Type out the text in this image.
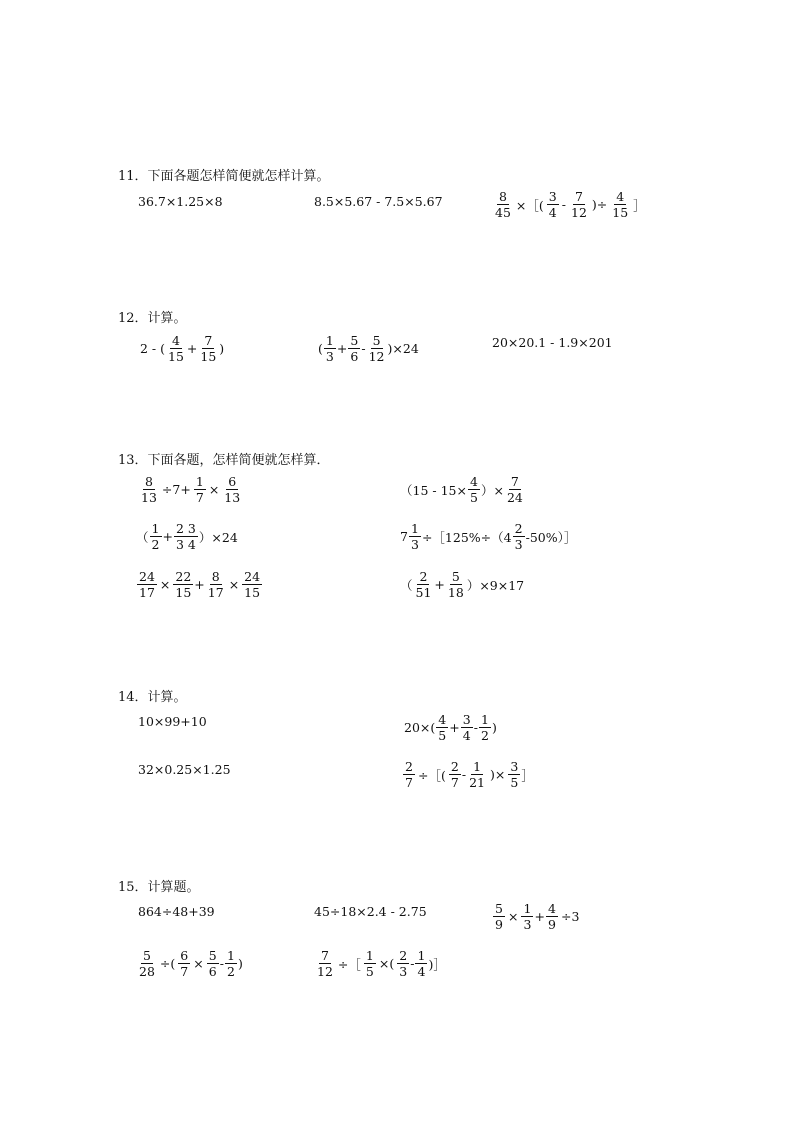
11．下面各题怎样简便就怎样计算。
36.7×1.25×8	8.5×5.67 - 7.5×5.67	$\frac{8}{45}$ ×［( $\frac{3}{4} - \frac{7}{12}$ )÷ $\frac{4}{15}$ ］
12．计算。
2 - ( $\frac{4}{15} + \frac{7}{15}$ )	( $\frac{1}{3} + \frac{5}{6} - \frac{5}{12} )\times 24$	20×20.1 - 1.9×201
13．下面各题，怎样简便就怎样算．
$\frac{8}{13} \div 7+ \frac{1}{7} \times \frac{6}{13}$	（$15 - 15\times \frac{4}{5}$ ）× $\frac{7}{24}$
（ $\frac{1}{2} + \frac{2 3}{3 4} )\times 24$	$7 \frac{1}{3}$ ÷［125%÷（4 $\frac{2}{3}$ -50%）］
$\frac{24}{17} \times \frac{22}{15} + \frac{8}{17} \times \frac{24}{15}$	（ $\frac{2}{51} + \frac{5}{18} )\times 9\times 17$
14．计算。
10×99+10	$20\times( \frac{4}{5} + \frac{3}{4} - \frac{1}{2}$ )
32×0.25×1.25	$\frac{2}{7}$ ÷［( $\frac{2}{7} - \frac{1}{21}$ )× $\frac{3}{5}$ ］
15．计算题。
864÷48+39	45÷18×2.4 - 2.75	$\frac{5}{9} \times \frac{1}{3} + \frac{4}{9} \div 3$
$\frac{5}{28}$ ÷( $\frac{6}{7} \times \frac{5}{6} - \frac{1}{2}$ )	$\frac{7}{12}$ ÷［ $\frac{1}{5}$ ×( $\frac{2}{3} - \frac{1}{4}$ )］
